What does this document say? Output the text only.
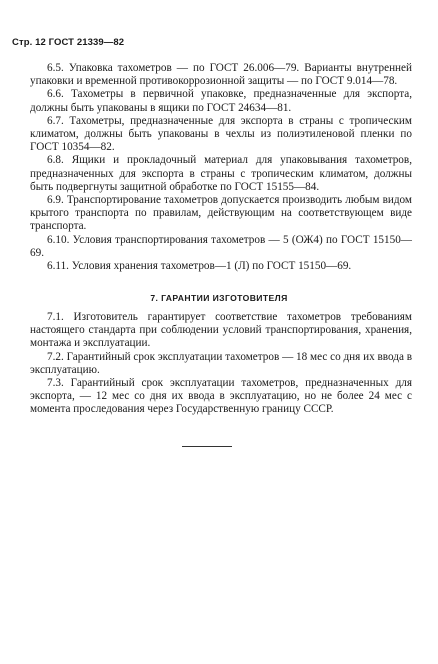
Стр. 12 ГОСТ 21339—82

6.5. Упаковка тахометров — по ГОСТ 26.006—79. Варианты внутренней упаковки и временной противокоррозионной защиты — по ГОСТ 9.014—78.

6.6. Тахометры в первичной упаковке, предназначенные для экспорта, должны быть упакованы в ящики по ГОСТ 24634—81.

6.7. Тахометры, предназначенные для экспорта в страны с тропическим климатом, должны быть упакованы в чехлы из полиэтиленовой пленки по ГОСТ 10354—82.

6.8. Ящики и прокладочный материал для упаковывания тахометров, предназначенных для экспорта в страны с тропическим климатом, должны быть подвергнуты защитной обработке по ГОСТ 15155—84.

6.9. Транспортирование тахометров допускается производить любым видом крытого транспорта по правилам, действующим на соответствующем виде транспорта.

6.10. Условия транспортирования тахометров — 5 (ОЖ4) по ГОСТ 15150—69.

6.11. Условия хранения тахометров—1 (Л) по ГОСТ 15150—69.

7. ГАРАНТИИ ИЗГОТОВИТЕЛЯ

7.1. Изготовитель гарантирует соответствие тахометров требованиям настоящего стандарта при соблюдении условий транспортирования, хранения, монтажа и эксплуатации.

7.2. Гарантийный срок эксплуатации тахометров — 18 мес со дня их ввода в эксплуатацию.

7.3. Гарантийный срок эксплуатации тахометров, предназначенных для экспорта, — 12 мес со дня их ввода в эксплуатацию, но не более 24 мес с момента проследования через Государственную границу СССР.
